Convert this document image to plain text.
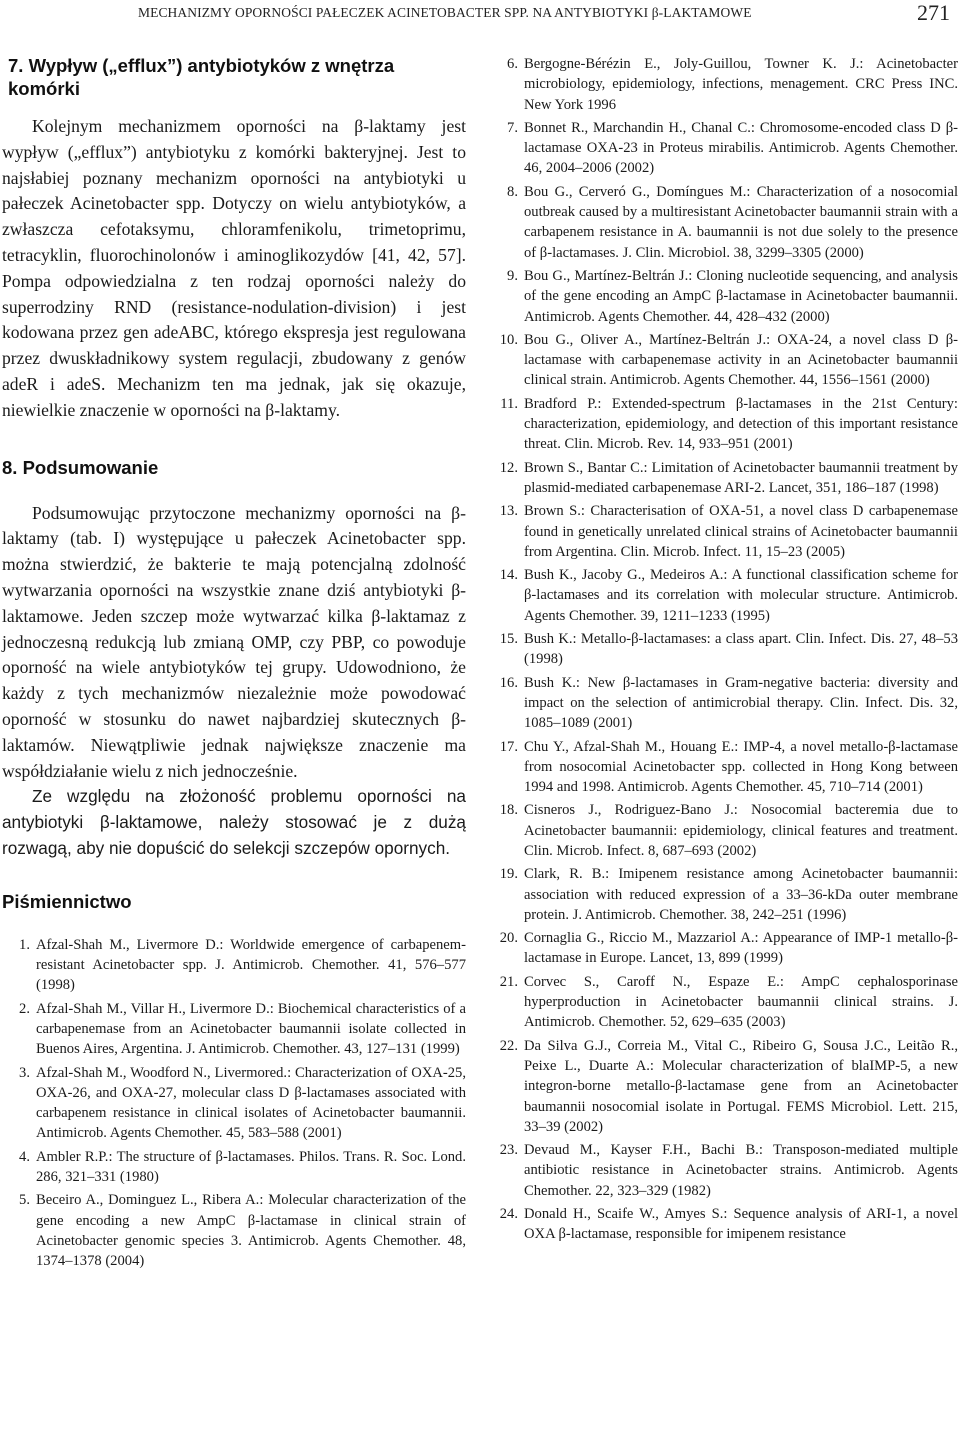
MECHANIZMY OPORNOŚCI PAŁECZEK ACINETOBACTER SPP. NA ANTYBIOTYKI β-LAKTAMOWE	271
7. Wypływ („efflux”) antybiotyków z wnętrza komórki

Kolejnym mechanizmem oporności na β-laktamy jest wypływ („efflux”) antybiotyku z komórki bakteryjnej. Jest to najsłabiej poznany mechanizm oporności na antybiotyki u pałeczek Acinetobacter spp. Dotyczy on wielu antybiotyków, a zwłaszcza cefotaksymu, chloramfenikolu, trimetoprimu, tetracyklin, fluorochinolonów i aminoglikozydów [41, 42, 57]. Pompa odpowiedzialna z ten rodzaj oporności należy do superrodziny RND (resistance-nodulation-division) i jest kodowana przez gen adeABC, którego ekspresja jest regulowana przez dwuskładnikowy system regulacji, zbudowany z genów adeR i adeS. Mechanizm ten ma jednak, jak się okazuje, niewielkie znaczenie w oporności na β-laktamy.

8. Podsumowanie

Podsumowując przytoczone mechanizmy oporności na β-laktamy (tab. I) występujące u pałeczek Acinetobacter spp. można stwierdzić, że bakterie te mają potencjalną zdolność wytwarzania oporności na wszystkie znane dziś antybiotyki β-laktamowe. Jeden szczep może wytwarzać kilka β-laktamaz z jednoczesną redukcją lub zmianą OMP, czy PBP, co powoduje oporność na wiele antybiotyków tej grupy. Udowodniono, że każdy z tych mechanizmów niezależnie może powodować oporność w stosunku do nawet najbardziej skutecznych β-laktamów. Niewątpliwie jednak największe znaczenie ma współdziałanie wielu z nich jednocześnie.

Ze względu na złożoność problemu oporności na antybiotyki β-laktamowe, należy stosować je z dużą rozwagą, aby nie dopuścić do selekcji szczepów opornych.

Piśmiennictwo
1. Afzal-Shah M., Livermore D.: Worldwide emergence of carbapenem-resistant Acinetobacter spp. J. Antimicrob. Chemother. 41, 576–577 (1998)
2. Afzal-Shah M., Villar H., Livermore D.: Biochemical characteristics of a carbapenemase from an Acinetobacter baumannii isolate collected in Buenos Aires, Argentina. J. Antimicrob. Chemother. 43, 127–131 (1999)
3. Afzal-Shah M., Woodford N., Livermored.: Characterization of OXA-25, OXA-26, and OXA-27, molecular class D β-lactamases associated with carbapenem resistance in clinical isolates of Acinetobacter baumannii. Antimicrob. Agents Chemother. 45, 583–588 (2001)
4. Ambler R.P.: The structure of β-lactamases. Philos. Trans. R. Soc. Lond. 286, 321–331 (1980)
5. Beceiro A., Dominguez L., Ribera A.: Molecular characterization of the gene encoding a new AmpC β-lactamase in clinical strain of Acinetobacter genomic species 3. Antimicrob. Agents Chemother. 48, 1374–1378 (2004)
6. Bergogne-Bérézin E., Joly-Guillou, Towner K. J.: Acinetobacter microbiology, epidemiology, infections, menagement. CRC Press INC. New York 1996
7. Bonnet R., Marchandin H., Chanal C.: Chromosome-encoded class D β-lactamase OXA-23 in Proteus mirabilis. Antimicrob. Agents Chemother. 46, 2004–2006 (2002)
8. Bou G., Cerveró G., Domíngues M.: Characterization of a nosocomial outbreak caused by a multiresistant Acinetobacter baumannii strain with a carbapenem resistance in A. baumannii is not due solely to the presence of β-lactamases. J. Clin. Microbiol. 38, 3299–3305 (2000)
9. Bou G., Martínez-Beltrán J.: Cloning nucleotide sequencing, and analysis of the gene encoding an AmpC β-lactamase in Acinetobacter baumannii. Antimicrob. Agents Chemother. 44, 428–432 (2000)
10. Bou G., Oliver A., Martínez-Beltrán J.: OXA-24, a novel class D β-lactamase with carbapenemase activity in an Acinetobacter baumannii clinical strain. Antimicrob. Agents Chemother. 44, 1556–1561 (2000)
11. Bradford P.: Extended-spectrum β-lactamases in the 21st Century: characterization, epidemiology, and detection of this important resistance threat. Clin. Microb. Rev. 14, 933–951 (2001)
12. Brown S., Bantar C.: Limitation of Acinetobacter baumannii treatment by plasmid-mediated carbapenemase ARI-2. Lancet, 351, 186–187 (1998)
13. Brown S.: Characterisation of OXA-51, a novel class D carbapenemase found in genetically unrelated clinical strains of Acinetobacter baumannii from Argentina. Clin. Microb. Infect. 11, 15–23 (2005)
14. Bush K., Jacoby G., Medeiros A.: A functional classification scheme for β-lactamases and its correlation with molecular structure. Antimicrob. Agents Chemother. 39, 1211–1233 (1995)
15. Bush K.: Metallo-β-lactamases: a class apart. Clin. Infect. Dis. 27, 48–53 (1998)
16. Bush K.: New β-lactamases in Gram-negative bacteria: diversity and impact on the selection of antimicrobial therapy. Clin. Infect. Dis. 32, 1085–1089 (2001)
17. Chu Y., Afzal-Shah M., Houang E.: IMP-4, a novel metallo-β-lactamase from nosocomial Acinetobacter spp. collected in Hong Kong between 1994 and 1998. Antimicrob. Agents Chemother. 45, 710–714 (2001)
18. Cisneros J., Rodriguez-Bano J.: Nosocomial bacteremia due to Acinetobacter baumannii: epidemiology, clinical features and treatment. Clin. Microb. Infect. 8, 687–693 (2002)
19. Clark, R. B.: Imipenem resistance among Acinetobacter baumannii: association with reduced expression of a 33–36-kDa outer membrane protein. J. Antimicrob. Chemother. 38, 242–251 (1996)
20. Cornaglia G., Riccio M., Mazzariol A.: Appearance of IMP-1 metallo-β-lactamase in Europe. Lancet, 13, 899 (1999)
21. Corvec S., Caroff N., Espaze E.: AmpC cephalosporinase hyperproduction in Acinetobacter baumannii clinical strains. J. Antimicrob. Chemother. 52, 629–635 (2003)
22. Da Silva G.J., Correia M., Vital C., Ribeiro G, Sousa J.C., Leitão R., Peixe L., Duarte A.: Molecular characterization of blaIMP-5, a new integron-borne metallo-β-lactamase gene from an Acinetobacter baumannii nosocomial isolate in Portugal. FEMS Microbiol. Lett. 215, 33–39 (2002)
23. Devaud M., Kayser F.H., Bachi B.: Transposon-mediated multiple antibiotic resistance in Acinetobacter strains. Antimicrob. Agents Chemother. 22, 323–329 (1982)
24. Donald H., Scaife W., Amyes S.: Sequence analysis of ARI-1, a novel OXA β-lactamase, responsible for imipenem resistance
